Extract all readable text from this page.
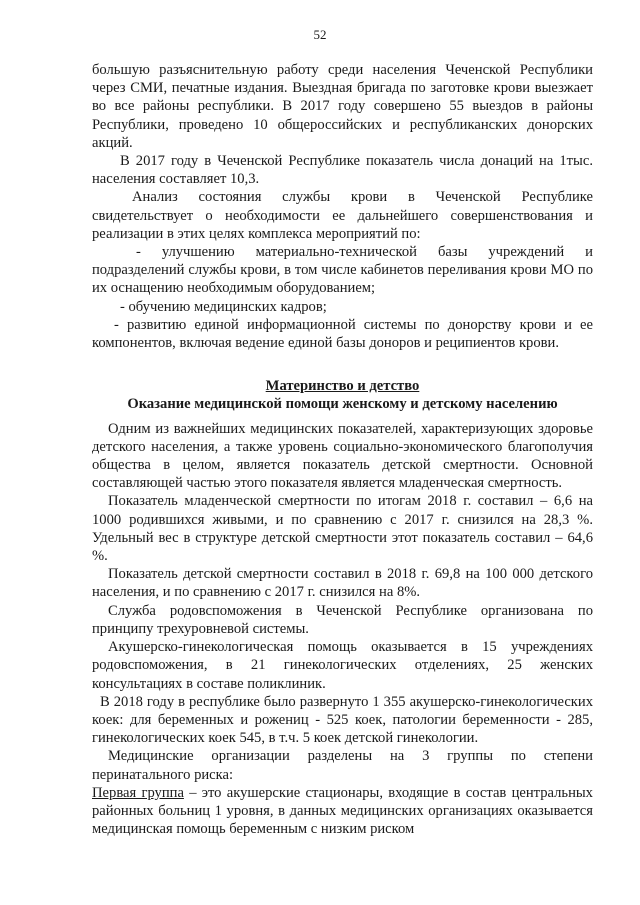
52

большую разъяснительную работу среди населения Чеченской Республики через СМИ, печатные издания. Выездная бригада по заготовке крови выезжает во все районы республики. В 2017 году совершено 55 выездов в районы Республики, проведено 10 общероссийских и республиканских донорских акций.

В 2017 году в Чеченской Республике показатель числа донаций на 1тыс. населения составляет 10,3.

Анализ состояния службы крови в Чеченской Республике свидетельствует о необходимости ее дальнейшего совершенствования и реализации в этих целях комплекса мероприятий по:

- улучшению материально-технической базы учреждений и подразделений службы крови, в том числе кабинетов переливания крови МО по их оснащению необходимым оборудованием;

- обучению медицинских кадров;

- развитию единой информационной системы по донорству крови и ее компонентов, включая ведение единой базы доноров и реципиентов крови.

Материнство и детство

Оказание медицинской помощи женскому и детскому населению

Одним из важнейших медицинских показателей, характеризующих здоровье детского населения, а также уровень социально-экономического благополучия общества в целом, является показатель детской смертности. Основной составляющей частью этого показателя является младенческая смертность.

Показатель младенческой смертности по итогам 2018 г. составил – 6,6 на 1000 родившихся живыми, и по сравнению с 2017 г. снизился на 28,3 %. Удельный вес в структуре детской смертности этот показатель составил – 64,6 %.

Показатель детской смертности составил в 2018 г. 69,8 на 100 000 детского населения, и по сравнению с 2017 г. снизился на 8%.

Служба родовспоможения в Чеченской Республике организована по принципу трехуровневой системы.

Акушерско-гинекологическая помощь оказывается в 15 учреждениях родовспоможения, в 21 гинекологических отделениях, 25 женских консультациях в составе поликлиник.

В 2018 году в республике было развернуто 1 355 акушерско-гинекологических коек: для беременных и рожениц - 525 коек, патологии беременности - 285, гинекологических коек 545, в т.ч. 5 коек детской гинекологии.

Медицинские организации разделены на 3 группы по степени перинатального риска:

Первая группа – это акушерские стационары, входящие в состав центральных районных больниц 1 уровня, в данных медицинских организациях оказывается медицинская помощь беременным с низким риском
